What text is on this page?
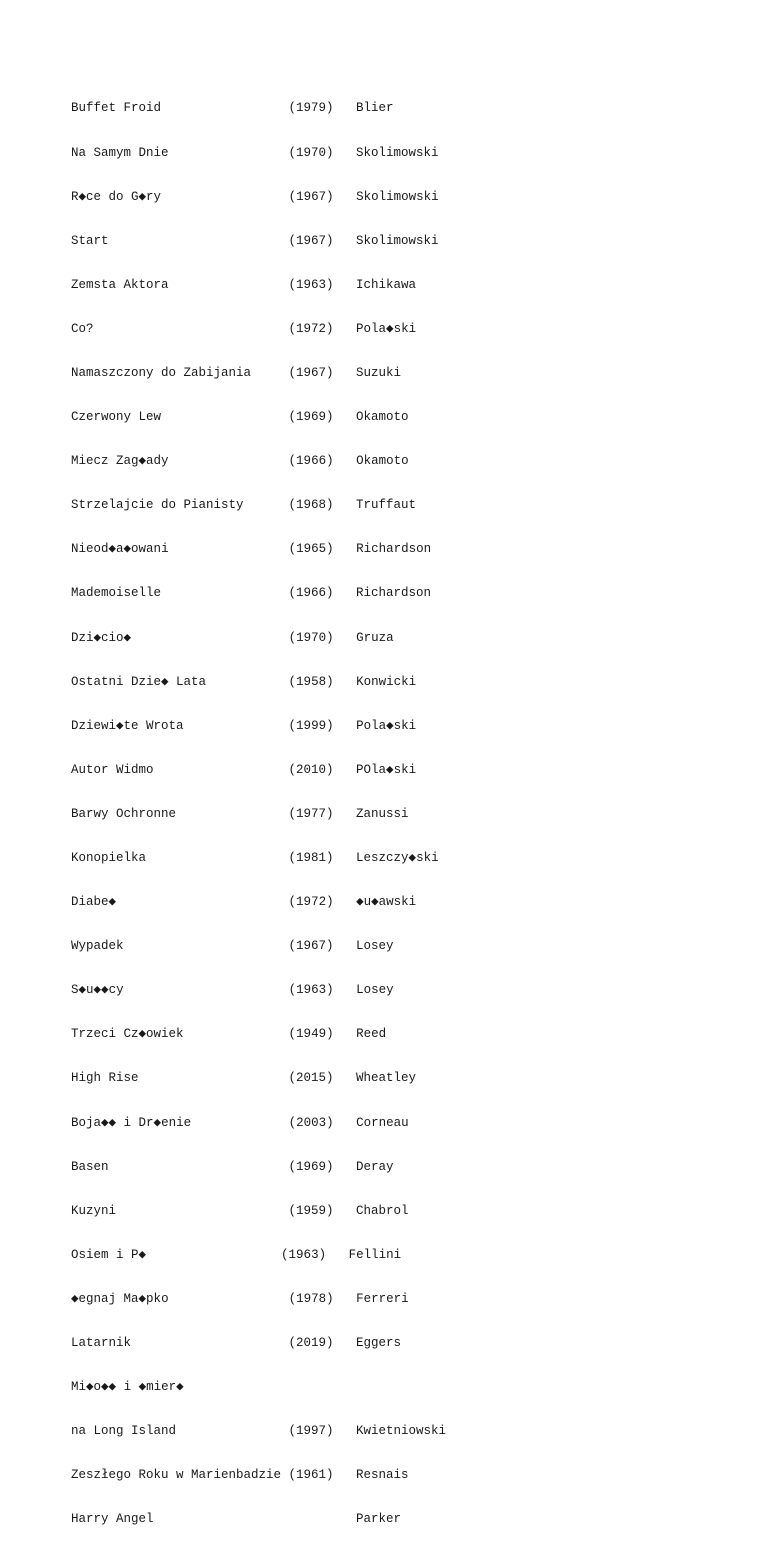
Buffet Froid                 (1979)   Blier

Na Samym Dnie                (1970)   Skolimowski

R◆ce do G◆ry                 (1967)   Skolimowski

Start                        (1967)   Skolimowski

Zemsta Aktora                (1963)   Ichikawa

Co?                          (1972)   Pola◆ski

Namaszczony do Zabijania     (1967)   Suzuki

Czerwony Lew                 (1969)   Okamoto

Miecz Zag◆ady                (1966)   Okamoto

Strzelajcie do Pianisty      (1968)   Truffaut

Nieod◆a◆owani                (1965)   Richardson

Mademoiselle                 (1966)   Richardson

Dzi◆cio◆                     (1970)   Gruza

Ostatni Dzie◆ Lata           (1958)   Konwicki

Dziewi◆te Wrota              (1999)   Pola◆ski

Autor Widmo                  (2010)   POla◆ski

Barwy Ochronne               (1977)   Zanussi

Konopielka                   (1981)   Leszczy◆ski

Diabe◆                       (1972)   ◆u◆awski

Wypadek                      (1967)   Losey

S◆u◆◆cy                      (1963)   Losey

Trzeci Cz◆owiek              (1949)   Reed

High Rise                    (2015)   Wheatley

Boja◆◆ i Dr◆enie             (2003)   Corneau

Basen                        (1969)   Deray

Kuzyni                       (1959)   Chabrol

Osiem i P◆                  (1963)   Fellini

◆egnaj Ma◆pko                (1978)   Ferreri

Latarnik                     (2019)   Eggers

Mi◆o◆◆ i ◆mier◆

na Long Island               (1997)   Kwietniowski

Zeszłego Roku w Marienbadzie (1961)   Resnais

Harry Angel                           Parker
